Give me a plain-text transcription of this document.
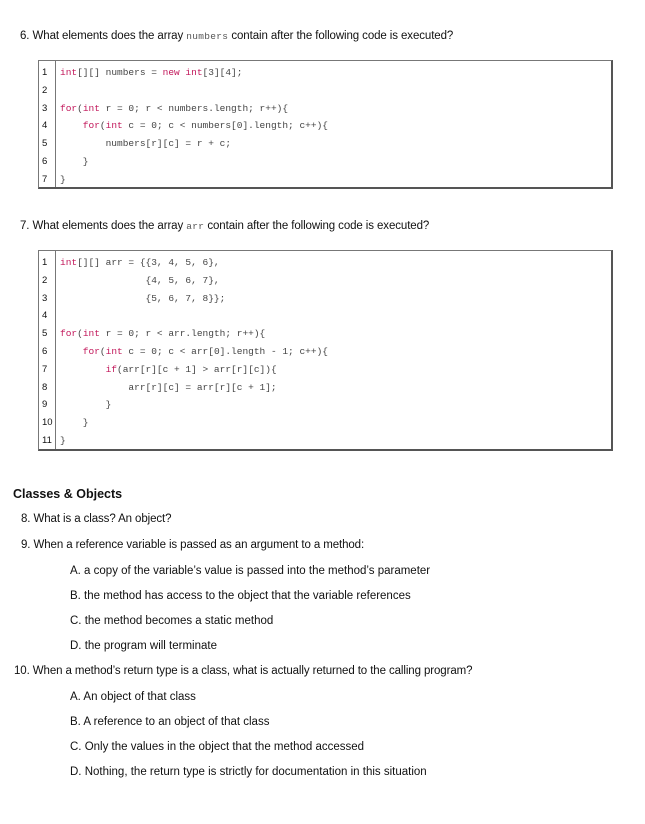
6. What elements does the array numbers contain after the following code is executed?
1	int[][] numbers = new int[3][4];
2
3	for(int r = 0; r < numbers.length; r++){
4	for(int c = 0; c < numbers[0].length; c++){
5	numbers[r][c] = r + c;
6	}
7	}
7. What elements does the array arr contain after the following code is executed?
1	int[][] arr = {{3, 4, 5, 6},
2	{4, 5, 6, 7},
3	{5, 6, 7, 8}};
4
5	for(int r = 0; r < arr.length; r++){
6	for(int c = 0; c < arr[0].length - 1; c++){
7	if(arr[r][c + 1] > arr[r][c]){
8	arr[r][c] = arr[r][c + 1];
9	}
10 }
11 }
Classes & Objects
8. What is a class? An object?
9. When a reference variable is passed as an argument to a method:
A. a copy of the variable’s value is passed into the method’s parameter
B. the method has access to the object that the variable references
C. the method becomes a static method
D. the program will terminate
10. When a method’s return type is a class, what is actually returned to the calling program?
A. An object of that class
B. A reference to an object of that class
C. Only the values in the object that the method accessed
D. Nothing, the return type is strictly for documentation in this situation
